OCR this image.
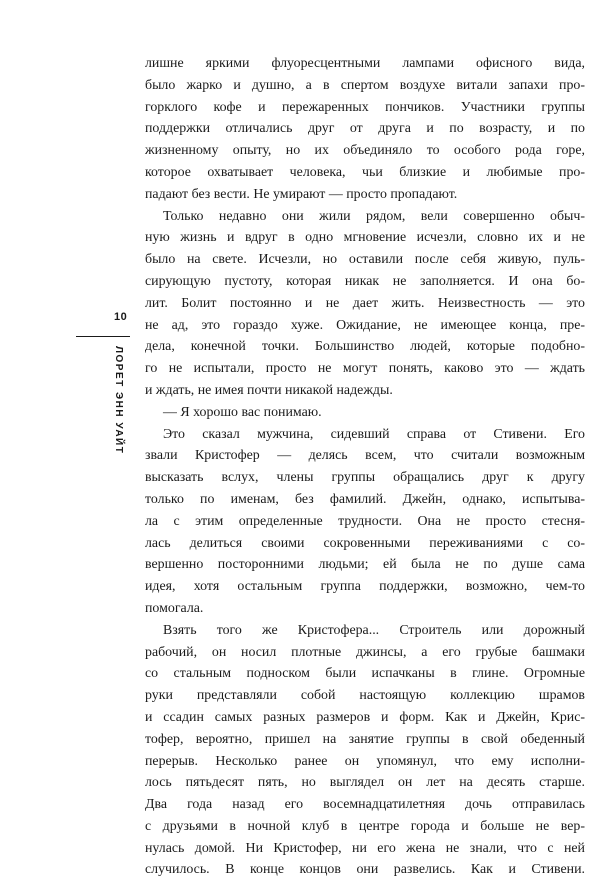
10
ЛОРЕТ ЭНН УАЙТ
лишне яркими флуоресцентными лампами офисного вида,
было жарко и душно, а в спертом воздухе витали запахи про-
горклого кофе и пережаренных пончиков. Участники группы
поддержки отличались друг от друга и по возрасту, и по
жизненному опыту, но их объединяло то особого рода горе,
которое охватывает человека, чьи близкие и любимые про-
падают без вести. Не умирают — просто пропадают.
Только недавно они жили рядом, вели совершенно обыч-
ную жизнь и вдруг в одно мгновение исчезли, словно их и не
было на свете. Исчезли, но оставили после себя живую, пуль-
сирующую пустоту, которая никак не заполняется. И она бо-
лит. Болит постоянно и не дает жить. Неизвестность — это
не ад, это гораздо хуже. Ожидание, не имеющее конца, пре-
дела, конечной точки. Большинство людей, которые подобно-
го не испытали, просто не могут понять, каково это — ждать
и ждать, не имея почти никакой надежды.
— Я хорошо вас понимаю.
Это сказал мужчина, сидевший справа от Стивени. Его
звали Кристофер — делясь всем, что считали возможным
высказать вслух, члены группы обращались друг к другу
только по именам, без фамилий. Джейн, однако, испытыва-
ла с этим определенные трудности. Она не просто стесня-
лась делиться своими сокровенными переживаниями с со-
вершенно посторонними людьми; ей была не по душе сама
идея, хотя остальным группа поддержки, возможно, чем-то
помогала.
Взять того же Кристофера... Строитель или дорожный
рабочий, он носил плотные джинсы, а его грубые башмаки
со стальным подноском были испачканы в глине. Огромные
руки представляли собой настоящую коллекцию шрамов
и ссадин самых разных размеров и форм. Как и Джейн, Крис-
тофер, вероятно, пришел на занятие группы в свой обеденный
перерыв. Несколько ранее он упомянул, что ему исполни-
лось пятьдесят пять, но выглядел он лет на десять старше.
Два года назад его восемнадцатилетняя дочь отправилась
с друзьями в ночной клуб в центре города и больше не вер-
нулась домой. Ни Кристофер, ни его жена не знали, что с ней
случилось. В конце концов они развелись. Как и Стивени.
